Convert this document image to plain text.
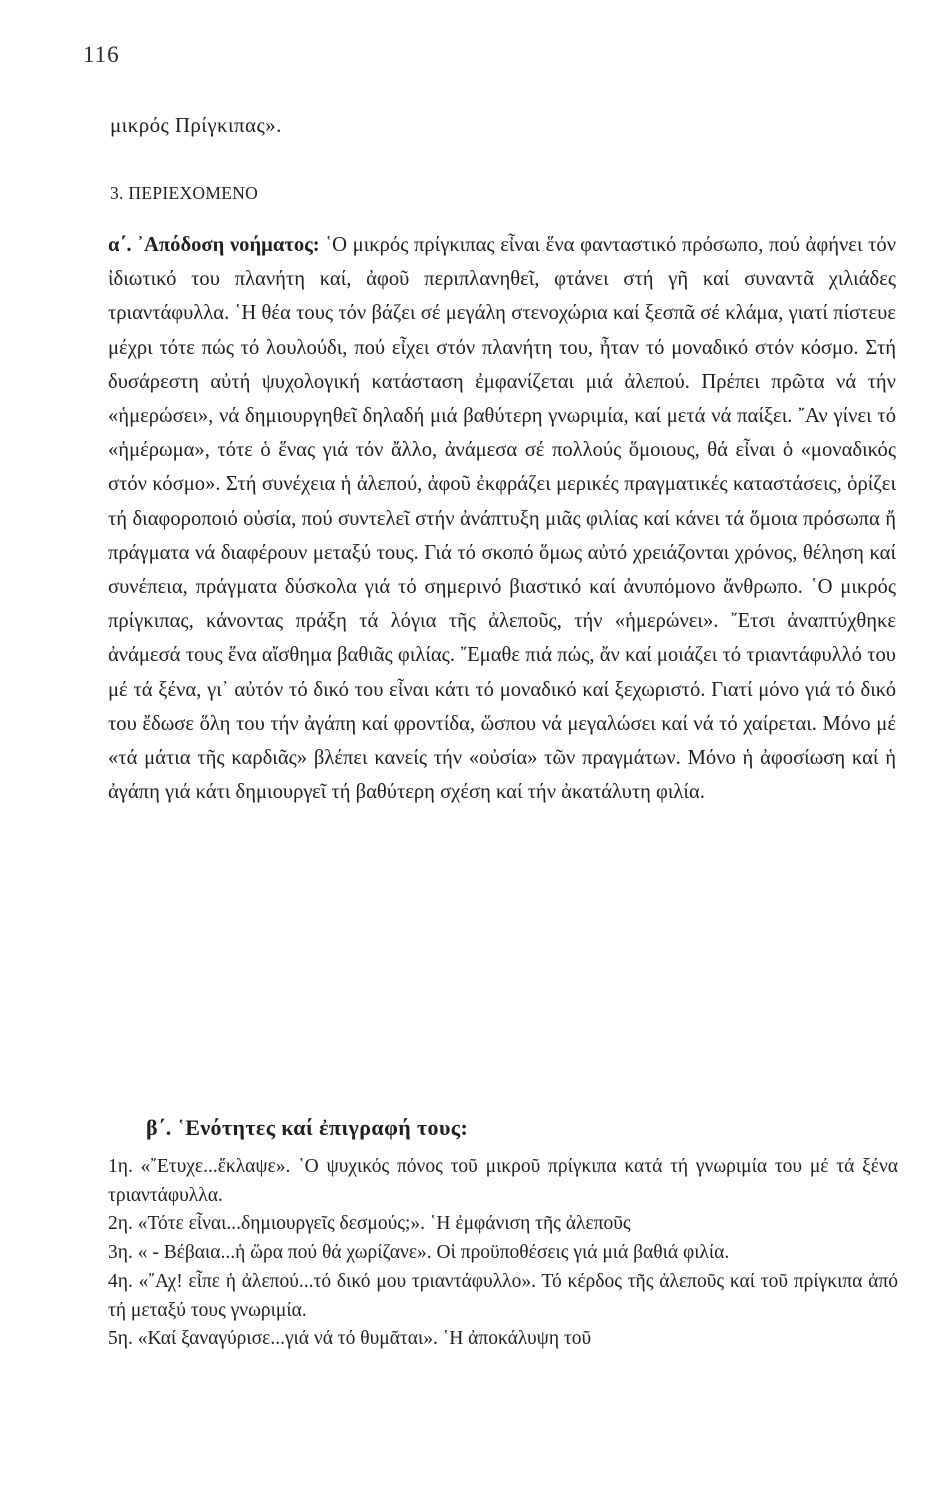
116
μικρός Πρίγκιπας».
3. ΠΕΡΙΕΧΟΜΕΝΟ
α΄. ᾿Απόδοση νοήματος: ῾Ο μικρός πρίγκιπας εἶναι ἕνα φανταστικό πρόσωπο, πού ἀφήνει τόν ἰδιωτικό του πλανήτη καί, ἀφοῦ περιπλανηθεῖ, φτάνει στή γῆ καί συναντᾶ χιλιάδες τριαντάφυλλα. ῾Η θέα τους τόν βάζει σέ μεγάλη στενοχώρια καί ξεσπᾶ σέ κλάμα, γιατί πίστευε μέχρι τότε πώς τό λουλούδι, πού εἶχει στόν πλανήτη του, ἦταν τό μοναδικό στόν κόσμο. Στή δυσάρεστη αὐτή ψυχολογική κατάσταση ἐμφανίζεται μιά ἀλεπού. Πρέπει πρῶτα νά τήν «ἡμερώσει», νά δημιουργηθεῖ δηλαδή μιά βαθύτερη γνωριμία, καί μετά νά παίξει. ῎Αν γίνει τό «ἡμέρωμα», τότε ὁ ἕνας γιά τόν ἄλλο, ἀνάμεσα σέ πολλούς ὅμοιους, θά εἶναι ὁ «μοναδικός στόν κόσμο». Στή συνέχεια ἡ ἀλεπού, ἀφοῦ ἐκφράζει μερικές πραγματικές καταστάσεις, ὁρίζει τή διαφοροποιό οὐσία, πού συντελεῖ στήν ἀνάπτυξη μιᾶς φιλίας καί κάνει τά ὅμοια πρόσωπα ἤ πράγματα νά διαφέρουν μεταξύ τους. Γιά τό σκοπό ὅμως αὐτό χρειάζονται χρόνος, θέληση καί συνέπεια, πράγματα δύσκολα γιά τό σημερινό βιαστικό καί ἀνυπόμονο ἄνθρωπο. ῾Ο μικρός πρίγκιπας, κάνοντας πράξη τά λόγια τῆς ἀλεποῦς, τήν «ἡμερώνει». ῎Ετσι ἀναπτύχθηκε ἀνάμεσά τους ἕνα αἴσθημα βαθιᾶς φιλίας. ῎Εμαθε πιά πώς, ἄν καί μοιάζει τό τριαντάφυλλό του μέ τά ξένα, γι᾿ αὐτόν τό δικό του εἶναι κάτι τό μοναδικό καί ξεχωριστό. Γιατί μόνο γιά τό δικό του ἔδωσε ὅλη του τήν ἀγάπη καί φροντίδα, ὥσπου νά μεγαλώσει καί νά τό χαίρεται. Μόνο μέ «τά μάτια τῆς καρδιᾶς» βλέπει κανείς τήν «οὐσία» τῶν πραγμάτων. Μόνο ἡ ἀφοσίωση καί ἡ ἀγάπη γιά κάτι δημιουργεῖ τή βαθύτερη σχέση καί τήν ἀκατάλυτη φιλία.
β΄. ῾Ενότητες καί ἐπιγραφή τους:

1η. «῎Ετυχε...ἔκλαψε». ῾Ο ψυχικός πόνος τοῦ μικροῦ πρίγκιπα κατά τή γνωριμία του μέ τά ξένα τριαντάφυλλα.

2η. «Τότε εἶναι...δημιουργεῖς δεσμούς;». ῾Η ἐμφάνιση τῆς ἀλεποῦς

3η. « - Βέβαια...ἡ ὥρα πού θά χωρίζανε». Οἱ προϋποθέσεις γιά μιά βαθιά φιλία.

4η. «῎Αχ! εἶπε ἡ ἀλεπού...τό δικό μου τριαντάφυλλο». Τό κέρδος τῆς ἀλεποῦς καί τοῦ πρίγκιπα ἀπό τή μεταξύ τους γνωριμία.

5η. «Καί ξαναγύρισε...γιά νά τό θυμᾶται». ῾Η ἀποκάλυψη τοῦ
